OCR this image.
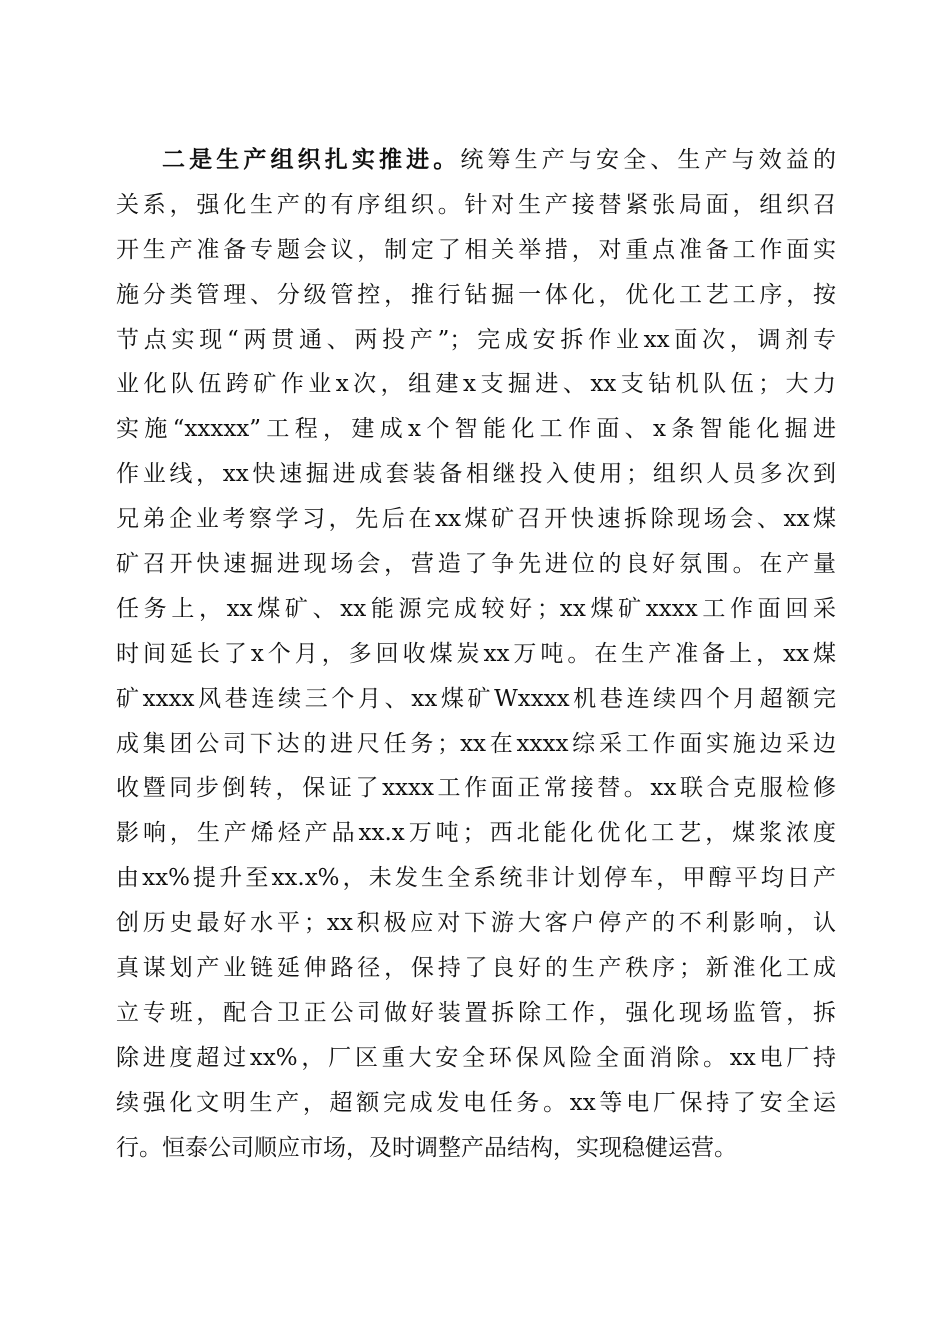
二是生产组织扎实推进。统筹生产与安全、生产与效益的
关系，强化生产的有序组织。针对生产接替紧张局面，组织召
开生产准备专题会议，制定了相关举措，对重点准备工作面实
施分类管理、分级管控，推行钻掘一体化，优化工艺工序，按
节点实现“两贯通、两投产”；完成安拆作业xx面次，调剂专
业化队伍跨矿作业x次，组建x支掘进、xx支钻机队伍；大力
实施“xxxxx”工程，建成x个智能化工作面、x条智能化掘进
作业线，xx快速掘进成套装备相继投入使用；组织人员多次到
兄弟企业考察学习，先后在xx煤矿召开快速拆除现场会、xx煤
矿召开快速掘进现场会，营造了争先进位的良好氛围。在产量
任务上，xx煤矿、xx能源完成较好；xx煤矿xxxx工作面回采
时间延长了x个月，多回收煤炭xx万吨。在生产准备上，xx煤
矿xxxx风巷连续三个月、xx煤矿Wxxxx机巷连续四个月超额完
成集团公司下达的进尺任务；xx在xxxx综采工作面实施边采边
收暨同步倒转，保证了xxxx工作面正常接替。xx联合克服检修
影响，生产烯烃产品xx.x万吨；西北能化优化工艺，煤浆浓度
由xx%提升至xx.x%，未发生全系统非计划停车，甲醇平均日产
创历史最好水平；xx积极应对下游大客户停产的不利影响，认
真谋划产业链延伸路径，保持了良好的生产秩序；新淮化工成
立专班，配合卫正公司做好装置拆除工作，强化现场监管，拆
除进度超过xx%，厂区重大安全环保风险全面消除。xx电厂持
续强化文明生产，超额完成发电任务。xx等电厂保持了安全运
行。恒泰公司顺应市场，及时调整产品结构，实现稳健运营。
